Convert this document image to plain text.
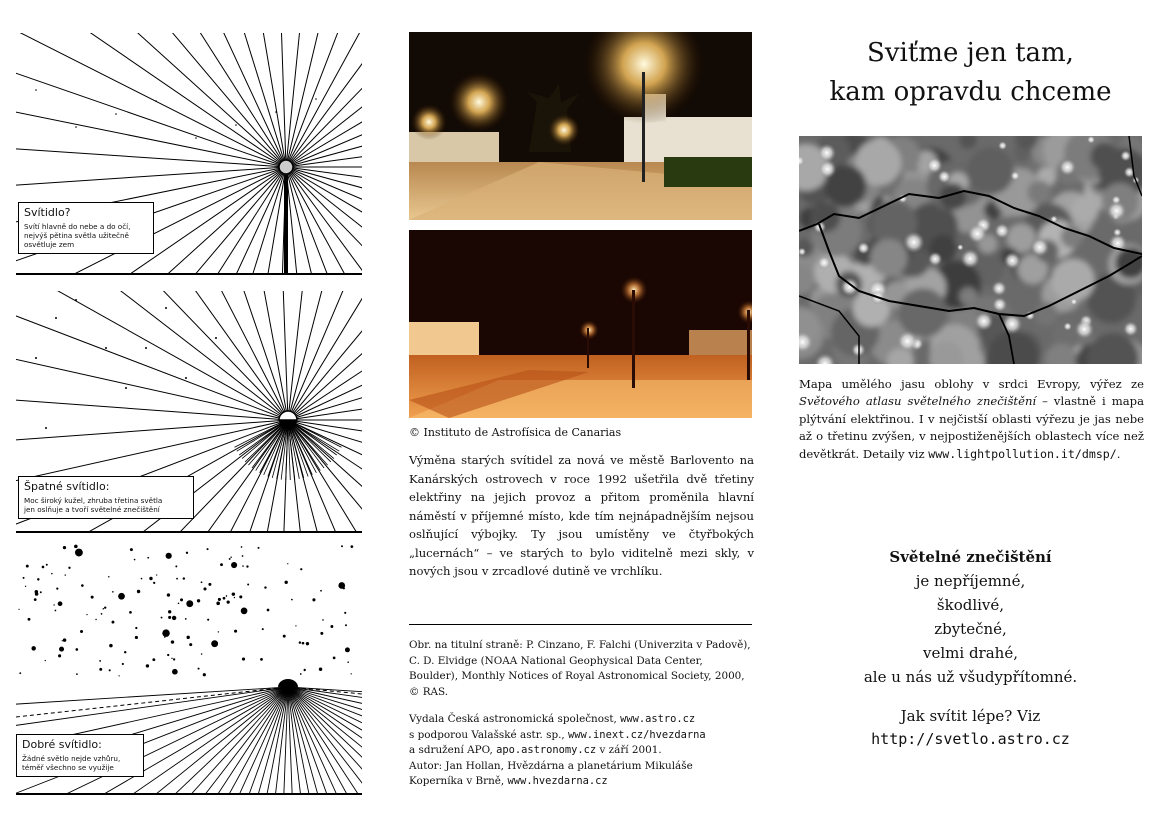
Svítidlo?
Svítí hlavně do nebe a do očí,
nejvýš pětina světla užitečně
osvětluje zem
Špatné svítidlo:
Moc široký kužel, zhruba třetina světla
jen oslňuje a tvoří světelné znečištění
Dobré svítidlo:
Žádné světlo nejde vzhůru,
téměř všechno se využije
© Instituto de Astrofísica de Canarias
Výměna starých svítidel za nová ve městě Barlovento na Kanárských ostrovech v roce 1992 ušetřila dvě třetiny elektřiny na jejich provoz a přitom proměnila hlavní náměstí v příjemné místo, kde tím nejnápadnějším nejsou oslňující výbojky. Ty jsou umístěny ve čtyřbokých „lucernách“ – ve starých to bylo viditelně mezi skly, v nových jsou v zrcadlové dutině ve vrchlíku.
Obr. na titulní straně: P. Cinzano, F. Falchi (Univerzita v Padově), C. D. Elvidge (NOAA National Geophysical Data Center, Boulder), Monthly Notices of Royal Astronomical Society, 2000, © RAS.
Vydala Česká astronomická společnost, www.astro.cz
s podporou Valašské astr. sp., www.inext.cz/hvezdarna
a sdružení APO, apo.astronomy.cz v září 2001.
Autor: Jan Hollan, Hvězdárna a planetárium Mikuláše
Koperníka v Brně, www.hvezdarna.cz
Sviťme jen tam,
kam opravdu chceme
Mapa umělého jasu oblohy v srdci Evropy, výřez ze Světového atlasu světelného znečištění – vlastně i mapa plýtvání elektřinou. I v nejčistší oblasti výřezu je jas nebe až o třetinu zvýšen, v nejpostiženějších oblastech více než devětkrát. Detaily viz www.lightpollution.it/dmsp/.
Světelné znečištění
je nepříjemné,
škodlivé,
zbytečné,
velmi drahé,
ale u nás už všudypřítomné.
Jak svítit lépe? Viz
http://svetlo.astro.cz
